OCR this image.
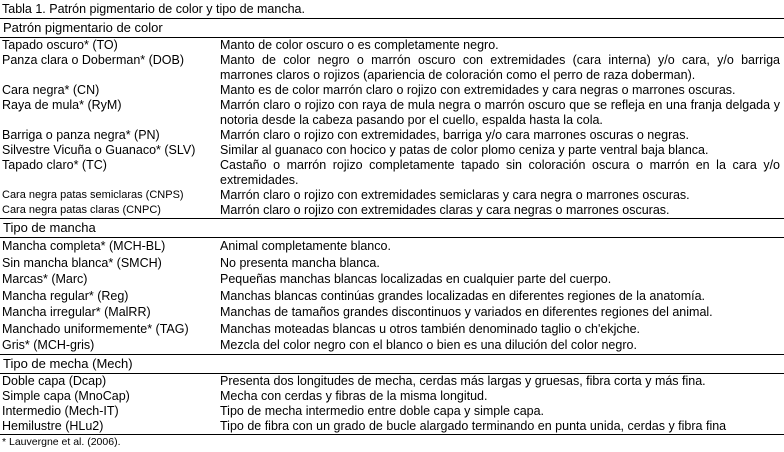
Tabla 1. Patrón pigmentario de color y tipo de mancha.
Patrón pigmentario de color
Tapado oscuro* (TO)	Manto de color oscuro o es completamente negro.
Panza clara o Doberman* (DOB)	Manto de color negro o marrón oscuro con extremidades (cara interna) y/o cara, y/o barriga marrones claros o rojizos (apariencia de coloración como el perro de raza doberman).
Cara negra* (CN)	Manto es de color marrón claro o rojizo con extremidades y cara negras o marrones oscuras.
Raya de mula* (RyM)	Marrón claro o rojizo con raya de mula negra o marrón oscuro que se refleja en una franja delgada y notoria desde la cabeza pasando por el cuello, espalda hasta la cola.
Barriga o panza negra* (PN)	Marrón claro o rojizo con extremidades, barriga y/o cara marrones oscuras o negras.
Silvestre Vicuña o Guanaco* (SLV)	Similar al guanaco con hocico y patas de color plomo ceniza y parte ventral baja blanca.
Tapado claro* (TC)	Castaño o marrón rojizo completamente tapado sin coloración oscura o marrón en la cara y/o extremidades.
Cara negra patas semiclaras (CNPS)	Marrón claro o rojizo con extremidades semiclaras y cara negra o marrones oscuras.
Cara negra patas claras (CNPC)	Marrón claro o rojizo con extremidades claras y cara negras o marrones oscuras.
Tipo de mancha
Mancha completa* (MCH-BL)	Animal completamente blanco.
Sin mancha blanca* (SMCH)	No presenta mancha blanca.
Marcas* (Marc)	Pequeñas manchas blancas localizadas en cualquier parte del cuerpo.
Mancha regular* (Reg)	Manchas blancas continúas grandes localizadas en diferentes regiones de la anatomía.
Mancha irregular* (MalRR)	Manchas de tamaños grandes discontinuos y variados en diferentes regiones del animal.
Manchado uniformemente* (TAG)	Manchas moteadas blancas u otros también denominado taglio o ch'ekjche.
Gris* (MCH-gris)	Mezcla del color negro con el blanco o bien es una dilución del color negro.
Tipo de mecha (Mech)
Doble capa (Dcap)	Presenta dos longitudes de mecha, cerdas más largas y gruesas, fibra corta y más fina.
Simple capa (MnoCap)	Mecha con cerdas y fibras de la misma longitud.
Intermedio (Mech-IT)	Tipo de mecha intermedio entre doble capa y simple capa.
Hemilustre (HLu2)	Tipo de fibra con un grado de bucle alargado terminando en punta unida, cerdas y fibra fina
* Lauvergne et al. (2006).
